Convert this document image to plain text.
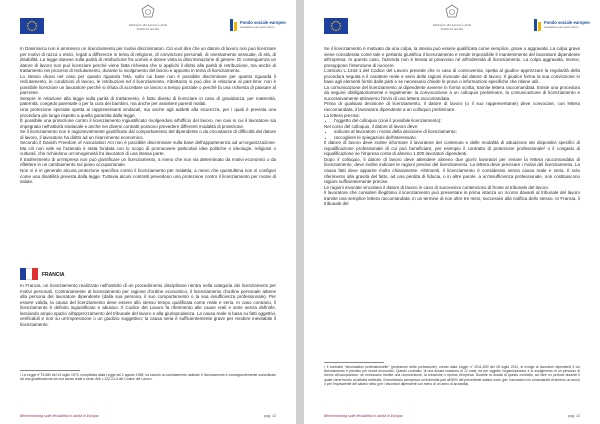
Ministero del Lavoro e delle Politiche Sociali
Fondo sociale europeo
Investiamo nel vostro futuro

In Danimarca non è ammesso un licenziamento per motivi discriminatori. Ciò vuol dire che un datore di lavoro non può licenziare per motivi di razza o etnici, legati a differenze in tema di religione, di convinzioni personali, di orientamento sessuale, di età, di disabilità. La legge danese sulla parità di retribuzione fra uomini e donne vieta la discriminazione di genere. Di conseguenza un datore di lavoro non può licenziare perché viene fatta richiesta che si applichi il diritto alla parità di retribuzione, ma anche di trattamento nei processi di reclutamento, durante lo svolgimento del lavoro e appunto in tema di licenziamento.

Lo stesso dicasi nel caso per quanto riguarda l'età, sulla cui base non è possibile discriminare per quanto riguarda il reclutamento, le condizioni di lavoro, le retribuzioni ed il licenziamento. Altrettanto si può dire in relazione al part-time: non è possibile licenziare un lavoratore perché si rifiuta di accettare un lavoro a tempo parziale o perché fa una richiesta di passare al part-time.

Sempre in relazione alla legge sulla parità di trattamento, è fatto divieto di licenziare in caso di gravidanza, per maternità, paternità, congedo parentale o per la cura dei bambini, ma anche per assistere parenti malati.

Una protezione speciale spetta ai rappresentanti sindacali, ma anche agli addetti alla sicurezza, per i quali è prevista una procedura più lunga rispetto a quella garantita dalla legge.

È possibile una protezione contro il licenziamento ingiustificato rivolgendosi all'ufficio del lavoro, nei casi in cui il lavoratore sia impegnato nell'attività sindacale e anche nei diversi contratti possono prevedere differenti modalità di protezione.

Se il licenziamento non è ragionevolmente giustificato dal comportamento del dipendente o da circostanze di difficoltà del datore di lavoro, il lavoratore ha diritto ad un risarcimento economico.

Secondo il Danish Freedom of Association Act non è possibile discriminare sulla base dell'appartenenza ad un'organizzazione. Ma ciò non vale se l'azienda è stata fondata con lo scopo di promuovere particolari idee politiche o ideologie, religiose o culturali, che richiedono un'omogeneità fra lavoratori di una stessa parte.

Il trasferimento di un'impresa non può giustificare un licenziamento, a meno che non sia determinato da motivi economici o da riflettere in un cambiamento sul piano occupazionale.

Non vi è in generale alcuna protezione specifica contro il licenziamento per malattia, a meno che questultima non si configuri come una disabilità prevista dalla legge. Tuttavia alcuni contratti prevedono una protezione contro il licenziamento per motivi di salute.

FRANCIA

In Francia, un licenziamento realizzato nell'ambito di un procedimento disciplinare rientra nella categoria dei licenziamenti per motivi personali. Contrariamente al licenziamento per ragione d'ordine economico, il licenziamento d'ordine personale attiene alla persona del lavoratore dipendente (dalla sua persona, il suo comportamento o la sua insufficienza professionale). Per essere valida, la causa del licenziamento deve essere allo stesso tempo qualificata come reale e seria. In caso contrario, il licenziamento è definito ingiustificato e abusivo. Il Codice del Lavoro fa riferimento alle cause reali e serie senza definirle, lasciando ampio spazio all'apprezzamento del tribunale del lavoro e alla giurisprudenza. La causa reale si basa su fatti oggettivi, verificabili e non su un'impressione o un giudizio soggettivo; la causa seria è sufficientemente grave per rendere inevitabile il licenziamento.

¹ La Legge n°73-680 del 13 luglio 1973, completata dalla Legge del 2 agosto 1989, ha sancito un cambiamento radicale: il licenziamento è conseguentemente subordinato ad una giustificazione da una causa reale e seria. Artt. L122-14-3 del Codice del Lavoro.
Benchmarking sulle flessibilità in uscita in Europa	pag. 12
Ministero del Lavoro e delle Politiche Sociali
Fondo sociale europeo
Investiamo nel vostro futuro

Se il licenziamento è motivato da una colpa, la stessa può essere qualificata come semplice, grave o aggravata. La colpa grave viene considerata come tale e pertanto giustifica il licenziamento e rende impossibile il mantenimento del lavoratore dipendente all'impresa. In questo caso, l'azienda non è tenuta al preavviso né all'indennità di licenziamento. La colpa aggravata, invece, presuppone l'intenzione di nuocere.

L'articolo L.1234-1 del Codice del Lavoro prevede che in caso di controversia, spetta al giudice apprezzare la regolarità della procedura seguita e il carattere reale e serio delle ragioni invocate dal datore di lavoro. Il giudice forma la sua convinzione in base agli elementi forniti dalle parti e se necessario chiede le prove o informazioni specifiche che ritiene utili.

La comunicazione del licenziamento al dipendente avviene in forma scritta, tramite lettera raccomandata. Esiste una procedura da seguire obbligatoriamente e legalmente: la convocazione a un colloquio preliminare, la comunicazione di licenziamento e successivamente attraverso l'invio di una lettera raccomandata.

Prima di qualsiasi decisione di licenziamento, il datore di lavoro (o il suo rappresentante) deve convocare, con lettera raccomandata, il lavoratore dipendente a un colloquio preliminare.

La lettera precisa:

• l'oggetto del colloquio (cioè il possibile licenziamento);

Nel corso del colloquio, il datore di lavoro deve:

• indicare al lavoratore i motivi della decisione di licenziamento;
• raccogliere le spiegazioni dell'interessato.

Il datore di lavoro deve inoltre informare il lavoratore del contenuto e delle modalità di attuazione dei dispositivi specifici di riqualificazione professionale di cui può beneficiare, per esempio il contratto di protezione professionale² o il congedo di riqualificazione se l'impresa conta di almeno 1.000 lavoratori dipendenti.

Dopo il colloquio, il datore di lavoro deve attendere almeno due giorni lavorativi per inviare la lettera raccomandata di licenziamento, deve inoltre indicare le ragioni precise del licenziamento. La lettera deve precisare i motivi del licenziamento. La causa fatti deve apparire molto chiaramente. Altrimenti, il licenziamento è considerato senza causa reale e seria. Il solo riferimento alla gravità del fatto, ad una perdita di fiducia, o in altre parole, a un'insufficienza professionale, non costituiscono ragioni sufficientemente precise.

Le ragioni invocate vincolano il datore di lavoro in caso di successivo contenzioso di fronte al tribunale del lavoro.

Il lavoratore che consideri illegittimo il licenziamento può presentare in prima istanza un ricorso davanti al tribunale del lavoro tramite una semplice lettera raccomandata, in un termine di non oltre tre mesi, successivi alla notifica dello stesso. In Francia, il tribunale del

² Il contratto "sécurisation professionnelle" (protezione della professione), creato dalla Legge n° 2011-893 del 28 luglio 2011, si rivolge ai lavoratori dipendenti il cui licenziamento è previsto per motivi economici. Questo contratto, di una durata massima di 12 mesi, ha per oggetto l'organizzazione e lo svolgimento di un percorso di ritorno all'occupazione, se necessario tramite una riconversione, la creazione o ripresa d'impresa. Durante la durata di questo contratto, ad oltre un periodo durante il quale viene fornito un'attività retribuita, il beneficiario percepisce un'indennità pari all'80% del precedente salario lordo (per i lavoratori con un'anzianità di almeno un anno) o per l'equivalente del salario netto (per i lavoratori dipendenti con meno di un anno di anzianità).
Benchmarking sulle flessibilità in uscita in Europa	pag. 13
